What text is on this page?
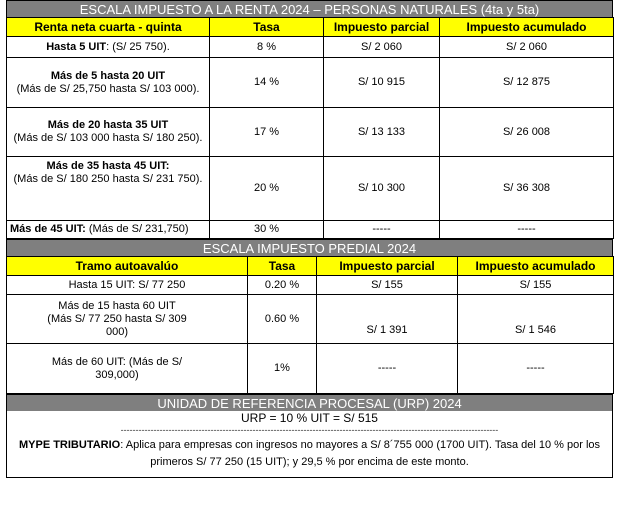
ESCALA IMPUESTO A LA RENTA 2024 – PERSONAS NATURALES (4ta y 5ta)
Renta neta cuarta - quinta	Tasa	Impuesto parcial	Impuesto acumulado
Hasta 5 UIT: (S/ 25 750).	8 %	S/ 2 060	S/ 2 060
Más de 5 hasta 20 UIT
(Más de S/ 25,750 hasta S/ 103 000).	14 %	S/ 10 915	S/ 12 875
Más de 20 hasta 35 UIT
(Más de S/ 103 000 hasta S/ 180 250).	17 %	S/ 13 133	S/ 26 008
Más de 35 hasta 45 UIT:
(Más de S/ 180 250 hasta S/ 231 750).	20 %	S/ 10 300	S/ 36 308
Más de 45 UIT: (Más de S/ 231,750)	30 %	-----	-----
ESCALA IMPUESTO PREDIAL 2024
Tramo autoavalúo	Tasa	Impuesto parcial	Impuesto acumulado
Hasta 15 UIT: S/ 77 250	0.20 %	S/ 155	S/ 155
Más de 15 hasta 60 UIT (Más S/ 77 250 hasta S/ 309 000)	0.60 %	S/ 1 391	S/ 1 546
Más de 60 UIT: (Más de S/ 309,000)	1%	-----	-----
UNIDAD DE REFERENCIA PROCESAL (URP) 2024
URP = 10 % UIT = S/ 515
------------------------------------------------------------------------------------------------------------------------------
MYPE TRIBUTARIO: Aplica para empresas con ingresos no mayores a S/ 8´755 000 (1700 UIT). Tasa del 10 % por los primeros S/ 77 250 (15 UIT); y 29,5 % por encima de este monto.
